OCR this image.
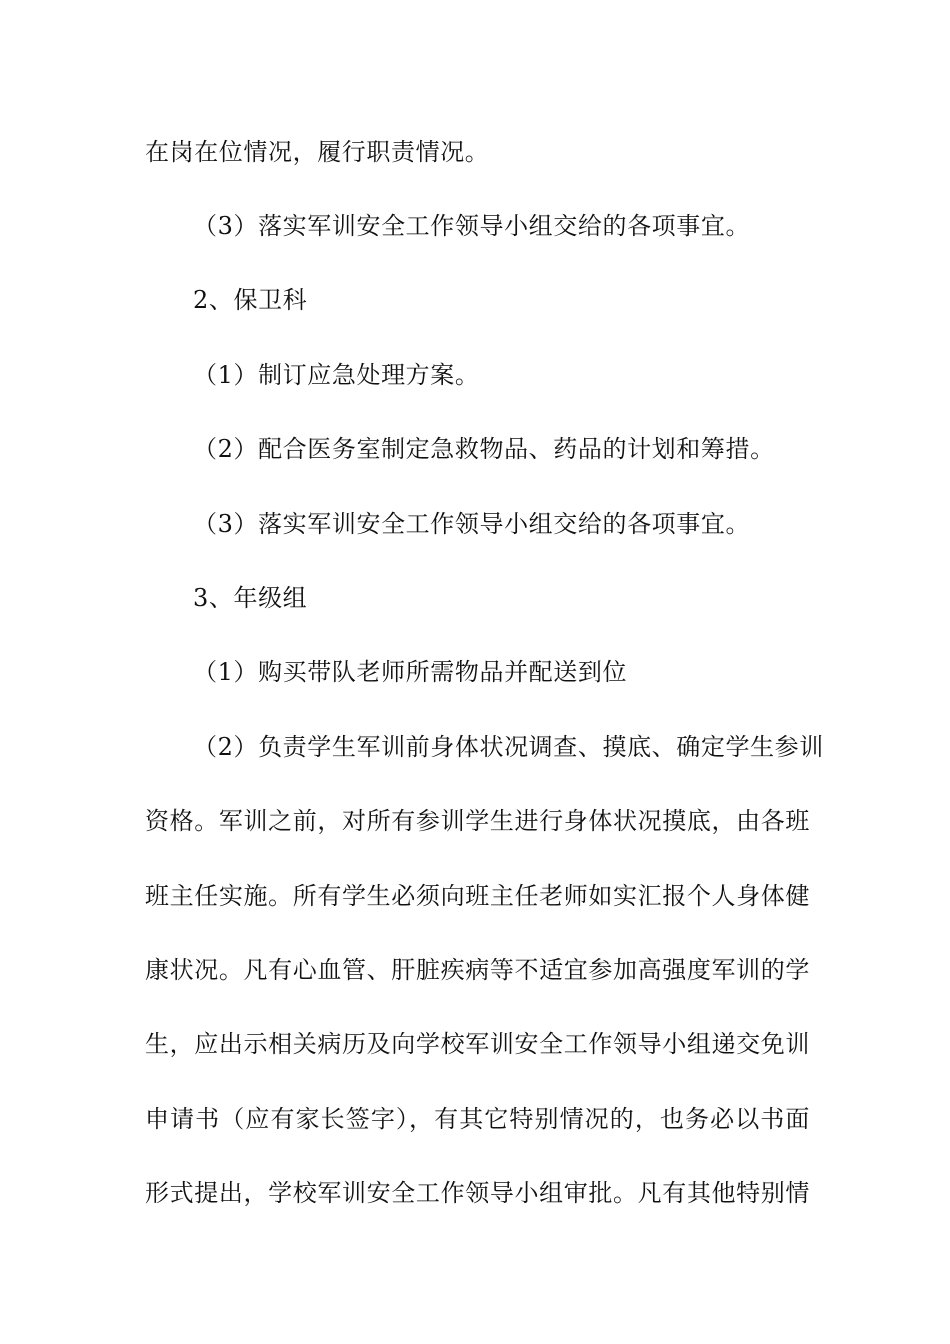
在岗在位情况，履行职责情况。
（3）落实军训安全工作领导小组交给的各项事宜。
2、保卫科
（1）制订应急处理方案。
（2）配合医务室制定急救物品、药品的计划和筹措。
（3）落实军训安全工作领导小组交给的各项事宜。
3、年级组
（1）购买带队老师所需物品并配送到位
（2）负责学生军训前身体状况调查、摸底、确定学生参训
资格。军训之前，对所有参训学生进行身体状况摸底，由各班
班主任实施。所有学生必须向班主任老师如实汇报个人身体健
康状况。凡有心血管、肝脏疾病等不适宜参加高强度军训的学
生，应出示相关病历及向学校军训安全工作领导小组递交免训
申请书（应有家长签字），有其它特别情况的，也务必以书面
形式提出，学校军训安全工作领导小组审批。凡有其他特别情
